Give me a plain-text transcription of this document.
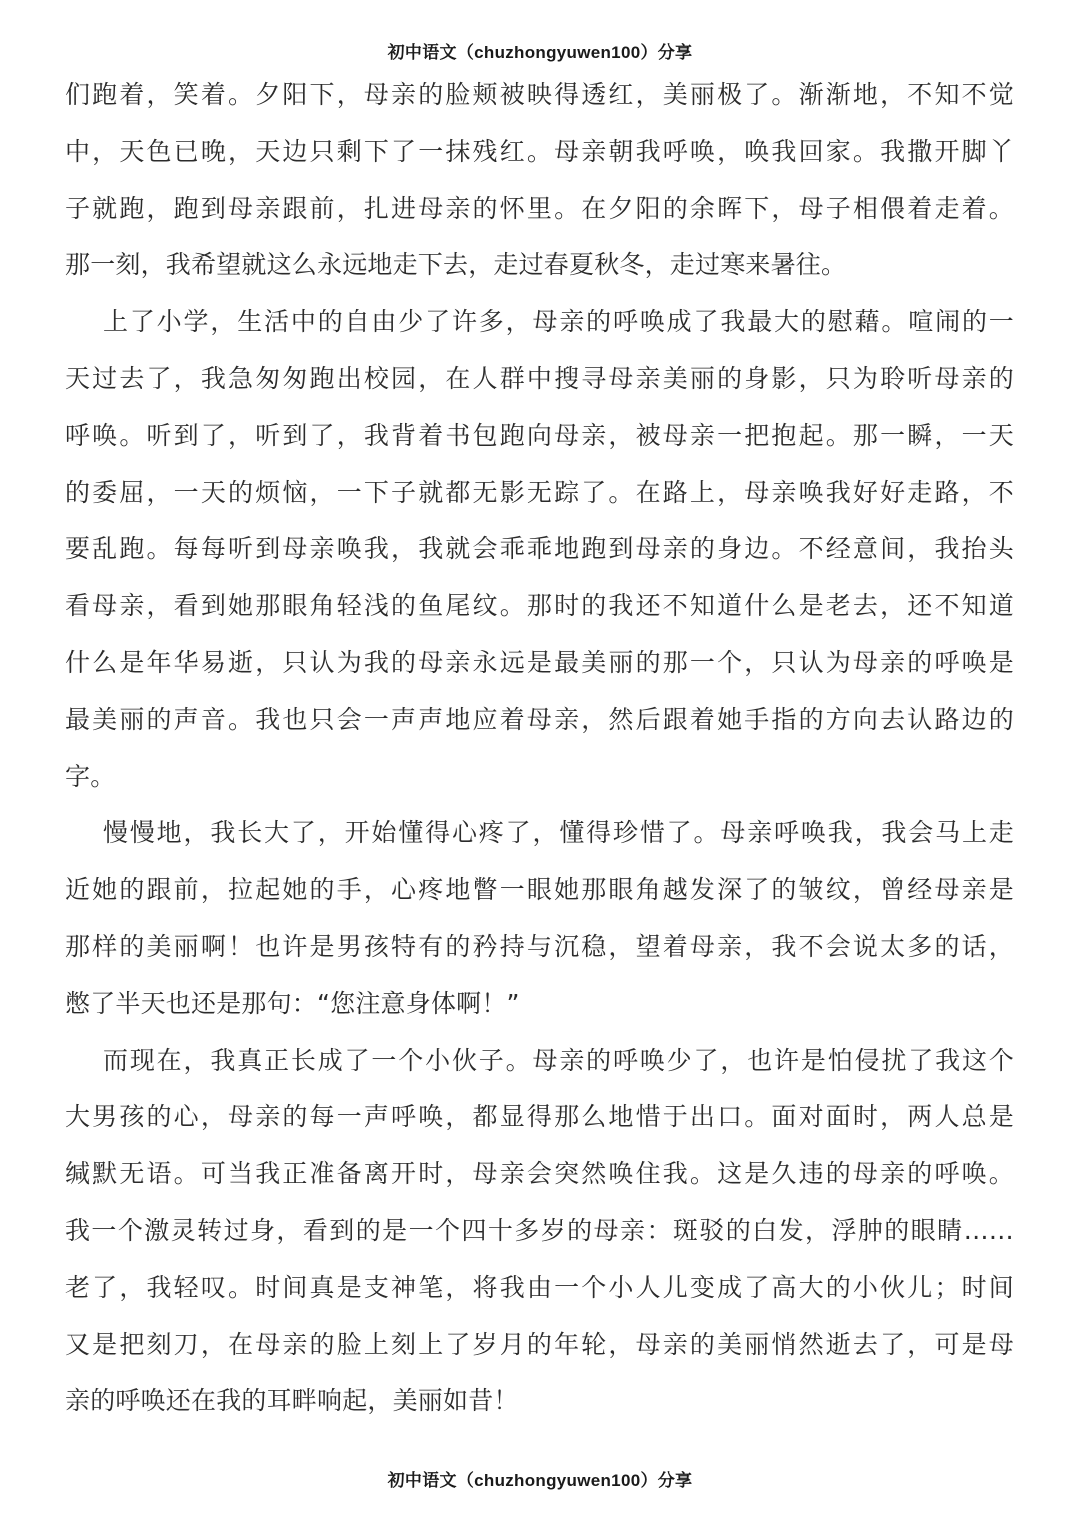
初中语文（chuzhongyuwen100）分享
们跑着，笑着。夕阳下，母亲的脸颊被映得透红，美丽极了。渐渐地，不知不觉
中，天色已晚，天边只剩下了一抹残红。母亲朝我呼唤，唤我回家。我撒开脚丫
子就跑，跑到母亲跟前，扎进母亲的怀里。在夕阳的余晖下，母子相偎着走着。
那一刻，我希望就这么永远地走下去，走过春夏秋冬，走过寒来暑往。
上了小学，生活中的自由少了许多，母亲的呼唤成了我最大的慰藉。喧闹的一
天过去了，我急匆匆跑出校园，在人群中搜寻母亲美丽的身影，只为聆听母亲的
呼唤。听到了，听到了，我背着书包跑向母亲，被母亲一把抱起。那一瞬，一天
的委屈，一天的烦恼，一下子就都无影无踪了。在路上，母亲唤我好好走路，不
要乱跑。每每听到母亲唤我，我就会乖乖地跑到母亲的身边。不经意间，我抬头
看母亲，看到她那眼角轻浅的鱼尾纹。那时的我还不知道什么是老去，还不知道
什么是年华易逝，只认为我的母亲永远是最美丽的那一个，只认为母亲的呼唤是
最美丽的声音。我也只会一声声地应着母亲，然后跟着她手指的方向去认路边的
字。
慢慢地，我长大了，开始懂得心疼了，懂得珍惜了。母亲呼唤我，我会马上走
近她的跟前，拉起她的手，心疼地瞥一眼她那眼角越发深了的皱纹，曾经母亲是
那样的美丽啊！也许是男孩特有的矜持与沉稳，望着母亲，我不会说太多的话，
憋了半天也还是那句：“您注意身体啊！”
而现在，我真正长成了一个小伙子。母亲的呼唤少了，也许是怕侵扰了我这个
大男孩的心，母亲的每一声呼唤，都显得那么地惜于出口。面对面时，两人总是
缄默无语。可当我正准备离开时，母亲会突然唤住我。这是久违的母亲的呼唤。
我一个激灵转过身，看到的是一个四十多岁的母亲：斑驳的白发，浮肿的眼睛……
老了，我轻叹。时间真是支神笔，将我由一个小人儿变成了高大的小伙儿；时间
又是把刻刀，在母亲的脸上刻上了岁月的年轮，母亲的美丽悄然逝去了，可是母
亲的呼唤还在我的耳畔响起，美丽如昔！
初中语文（chuzhongyuwen100）分享
